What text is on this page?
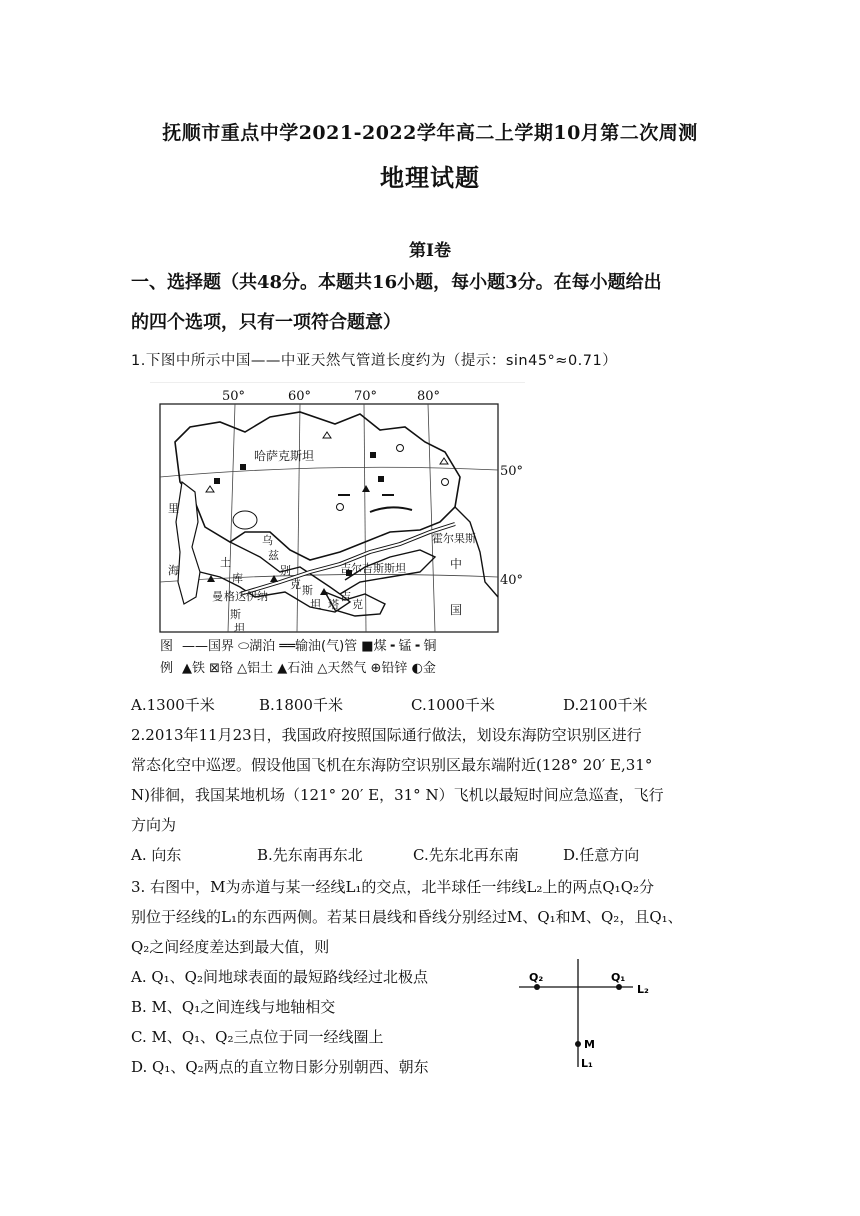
抚顺市重点中学2021-2022学年高二上学期10月第二次周测
地理试题
第Ⅰ卷
一、选择题（共48分。本题共16小题，每小题3分。在每小题给出
的四个选项，只有一项符合题意）
1.下图中所示中国——中亚天然气管道长度约为（提示：sin45°≈0.71）
50°	60°	70°	80°
50°
40°
里
海
哈萨克斯坦
乌
兹
别
克
土
库
斯
坦
曼 格达伊纳
吉尔吉斯斯坦
斯
坦 塔
吉
克
霍尔果斯
中
国
图
例
——国界 ⬭湖泊 ══输油(气)管 ■煤 ╸锰 ╸铜
▲铁 ⊠铬 △铝土 ▲石油 △天然气 ⊕铅锌 ◐金
A.1300千米	B.1800千米	C.1000千米	D.2100千米
2.2013年11月23日，我国政府按照国际通行做法，划设东海防空识别区进行
常态化空中巡逻。假设他国飞机在东海防空识别区最东端附近(128° 20′ E,31°
N)徘徊，我国某地机场（121° 20′ E，31° N）飞机以最短时间应急巡查，飞行
方向为
A. 向东	B.先东南再东北	C.先东北再东南	D.任意方向
3. 右图中，M为赤道与某一经线L₁的交点，北半球任一纬线L₂上的两点Q₁Q₂分
别位于经线的L₁的东西两侧。若某日晨线和昏线分别经过M、Q₁和M、Q₂，且Q₁、
Q₂之间经度差达到最大值，则
A. Q₁、Q₂间地球表面的最短路线经过北极点
B. M、Q₁之间连线与地轴相交
C. M、Q₁、Q₂三点位于同一经线圈上
D. Q₁、Q₂两点的直立物日影分别朝西、朝东
Q₂	Q₁
L₂
M
L₁
